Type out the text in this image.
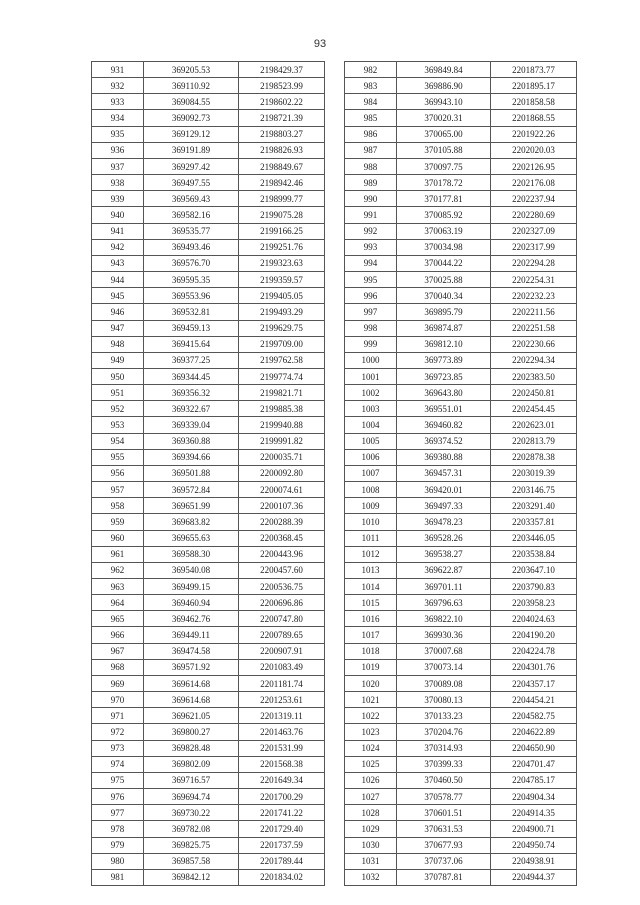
93
931	369205.53	2198429.37
932	369110.92	2198523.99
933	369084.55	2198602.22
934	369092.73	2198721.39
935	369129.12	2198803.27
936	369191.89	2198826.93
937	369297.42	2198849.67
938	369497.55	2198942.46
939	369569.43	2198999.77
940	369582.16	2199075.28
941	369535.77	2199166.25
942	369493.46	2199251.76
943	369576.70	2199323.63
944	369595.35	2199359.57
945	369553.96	2199405.05
946	369532.81	2199493.29
947	369459.13	2199629.75
948	369415.64	2199709.00
949	369377.25	2199762.58
950	369344.45	2199774.74
951	369356.32	2199821.71
952	369322.67	2199885.38
953	369339.04	2199940.88
954	369360.88	2199991.82
955	369394.66	2200035.71
956	369501.88	2200092.80
957	369572.84	2200074.61
958	369651.99	2200107.36
959	369683.82	2200288.39
960	369655.63	2200368.45
961	369588.30	2200443.96
962	369540.08	2200457.60
963	369499.15	2200536.75
964	369460.94	2200696.86
965	369462.76	2200747.80
966	369449.11	2200789.65
967	369474.58	2200907.91
968	369571.92	2201083.49
969	369614.68	2201181.74
970	369614.68	2201253.61
971	369621.05	2201319.11
972	369800.27	2201463.76
973	369828.48	2201531.99
974	369802.09	2201568.38
975	369716.57	2201649.34
976	369694.74	2201700.29
977	369730.22	2201741.22
978	369782.08	2201729.40
979	369825.75	2201737.59
980	369857.58	2201789.44
981	369842.12	2201834.02
982	369849.84	2201873.77
983	369886.90	2201895.17
984	369943.10	2201858.58
985	370020.31	2201868.55
986	370065.00	2201922.26
987	370105.88	2202020.03
988	370097.75	2202126.95
989	370178.72	2202176.08
990	370177.81	2202237.94
991	370085.92	2202280.69
992	370063.19	2202327.09
993	370034.98	2202317.99
994	370044.22	2202294.28
995	370025.88	2202254.31
996	370040.34	2202232.23
997	369895.79	2202211.56
998	369874.87	2202251.58
999	369812.10	2202230.66
1000	369773.89	2202294.34
1001	369723.85	2202383.50
1002	369643.80	2202450.81
1003	369551.01	2202454.45
1004	369460.82	2202623.01
1005	369374.52	2202813.79
1006	369380.88	2202878.38
1007	369457.31	2203019.39
1008	369420.01	2203146.75
1009	369497.33	2203291.40
1010	369478.23	2203357.81
1011	369528.26	2203446.05
1012	369538.27	2203538.84
1013	369622.87	2203647.10
1014	369701.11	2203790.83
1015	369796.63	2203958.23
1016	369822.10	2204024.63
1017	369930.36	2204190.20
1018	370007.68	2204224.78
1019	370073.14	2204301.76
1020	370089.08	2204357.17
1021	370080.13	2204454.21
1022	370133.23	2204582.75
1023	370204.76	2204622.89
1024	370314.93	2204650.90
1025	370399.33	2204701.47
1026	370460.50	2204785.17
1027	370578.77	2204904.34
1028	370601.51	2204914.35
1029	370631.53	2204900.71
1030	370677.93	2204950.74
1031	370737.06	2204938.91
1032	370787.81	2204944.37
